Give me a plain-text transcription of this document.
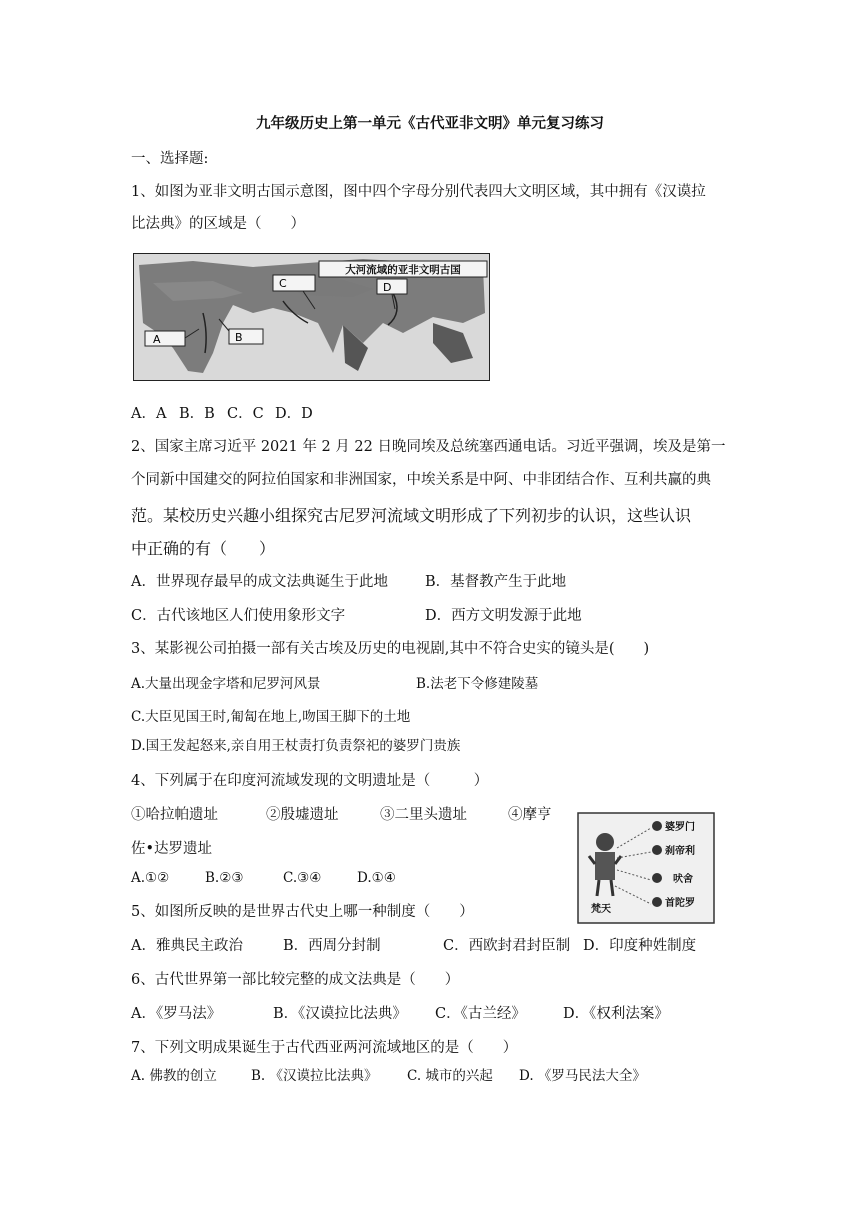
九年级历史上第一单元《古代亚非文明》单元复习练习
一、选择题:
1、如图为亚非文明古国示意图，图中四个字母分别代表四大文明区域，其中拥有《汉谟拉
比法典》的区域是（　　）
大河流域的亚非文明古国
A	B
C	D
A．A B．B C．C D．D
2、国家主席习近平 2021 年 2 月 22 日晚同埃及总统塞西通电话。习近平强调，埃及是第一
个同新中国建交的阿拉伯国家和非洲国家，中埃关系是中阿、中非团结合作、互利共赢的典
范。某校历史兴趣小组探究古尼罗河流域文明形成了下列初步的认识，这些认识
中正确的有（　　）
A．世界现存最早的成文法典诞生于此地	B．基督教产生于此地
C．古代该地区人们使用象形文字	D．西方文明发源于此地
3、某影视公司拍摄一部有关古埃及历史的电视剧,其中不符合史实的镜头是(　　)
A.大量出现金字塔和尼罗河风景	B.法老下令修建陵墓
C.大臣见国王时,匍匐在地上,吻国王脚下的土地
D.国王发起怒来,亲自用王杖责打负责祭祀的婆罗门贵族
4、下列属于在印度河流域发现的文明遗址是（　　　）
①哈拉帕遗址	②殷墟遗址	③二里头遗址	④摩亨
佐•达罗遗址
A.①②	B.②③	C.③④	D.①④
婆罗门
刹帝利
吠舍
首陀罗
梵天
5、如图所反映的是世界古代史上哪一种制度（　　）
A．雅典民主政治	B．西周分封制	C．西欧封君封臣制 D．印度种姓制度
6、古代世界第一部比较完整的成文法典是（　　）
A．《罗马法》	B．《汉谟拉比法典》	C．《古兰经》	D．《权利法案》
7、下列文明成果诞生于古代西亚两河流域地区的是（　　）
A. 佛教的创立	B. 《汉谟拉比法典》	C. 城市的兴起	D. 《罗马民法大全》
